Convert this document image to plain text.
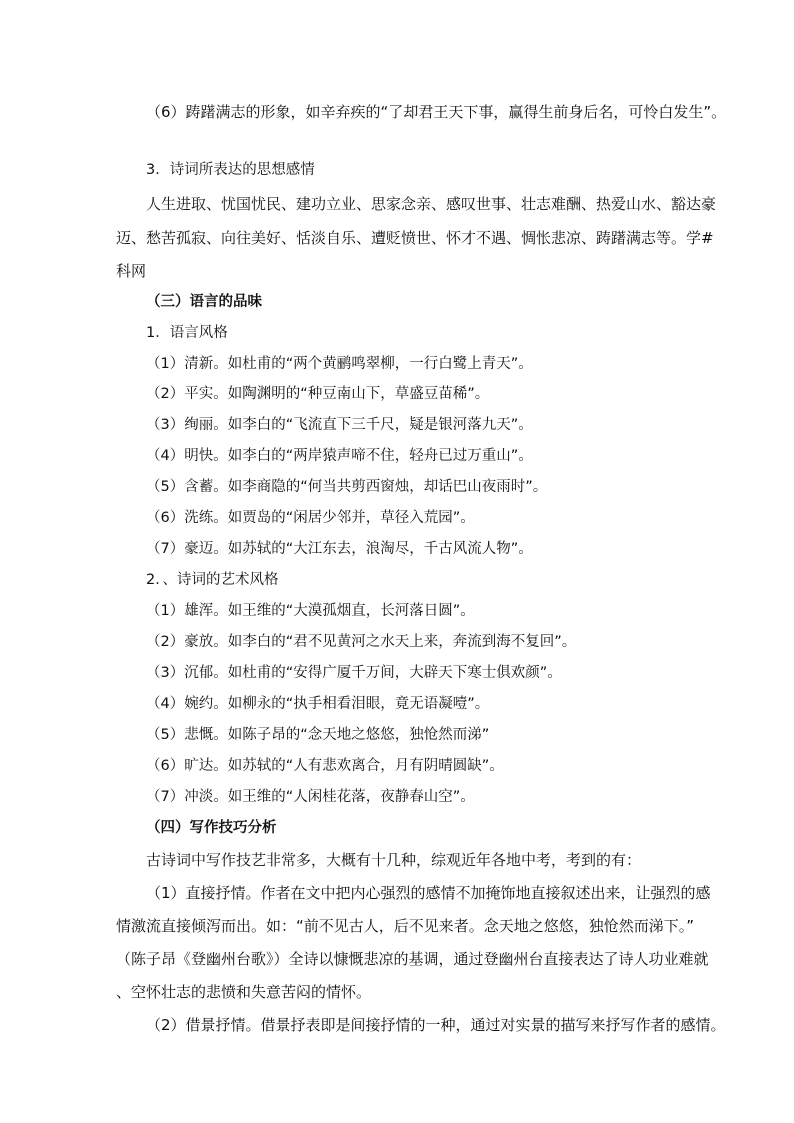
（6）踌躇满志的形象，如辛弃疾的“了却君王天下事，赢得生前身后名，可怜白发生”。
3．诗词所表达的思想感情
人生进取、忧国忧民、建功立业、思家念亲、感叹世事、壮志难酬、热爱山水、豁达豪
迈、愁苦孤寂、向往美好、恬淡自乐、遭贬愤世、怀才不遇、惆怅悲凉、踌躇满志等。学#
科网
（三）语言的品味
1．语言风格
（1）清新。如杜甫的“两个黄鹂鸣翠柳，一行白鹭上青天”。
（2）平实。如陶渊明的“种豆南山下，草盛豆苗稀”。
（3）绚丽。如李白的“飞流直下三千尺，疑是银河落九天”。
（4）明快。如李白的“两岸猿声啼不住，轻舟已过万重山”。
（5）含蓄。如李商隐的“何当共剪西窗烛，却话巴山夜雨时”。
（6）洗练。如贾岛的“闲居少邻并，草径入荒园”。
（7）豪迈。如苏轼的“大江东去，浪淘尽，千古风流人物”。
2．、诗词的艺术风格
（1）雄浑。如王维的“大漠孤烟直，长河落日圆”。
（2）豪放。如李白的“君不见黄河之水天上来，奔流到海不复回”。
（3）沉郁。如杜甫的“安得广厦千万间，大辟天下寒士俱欢颜”。
（4）婉约。如柳永的“执手相看泪眼，竟无语凝噎”。
（5）悲慨。如陈子昂的“念天地之悠悠，独怆然而涕”
（6）旷达。如苏轼的“人有悲欢离合，月有阴晴圆缺”。
（7）冲淡。如王维的“人闲桂花落，夜静春山空”。
（四）写作技巧分析
古诗词中写作技艺非常多，大概有十几种，综观近年各地中考，考到的有：
（1）直接抒情。作者在文中把内心强烈的感情不加掩饰地直接叙述出来，让强烈的感
情激流直接倾泻而出。如：“前不见古人，后不见来者。念天地之悠悠，独怆然而涕下。”
（陈子昂《登幽州台歌》）全诗以慷慨悲凉的基调，通过登幽州台直接表达了诗人功业难就
、空怀壮志的悲愤和失意苦闷的情怀。
（2）借景抒情。借景抒表即是间接抒情的一种，通过对实景的描写来抒写作者的感情。
